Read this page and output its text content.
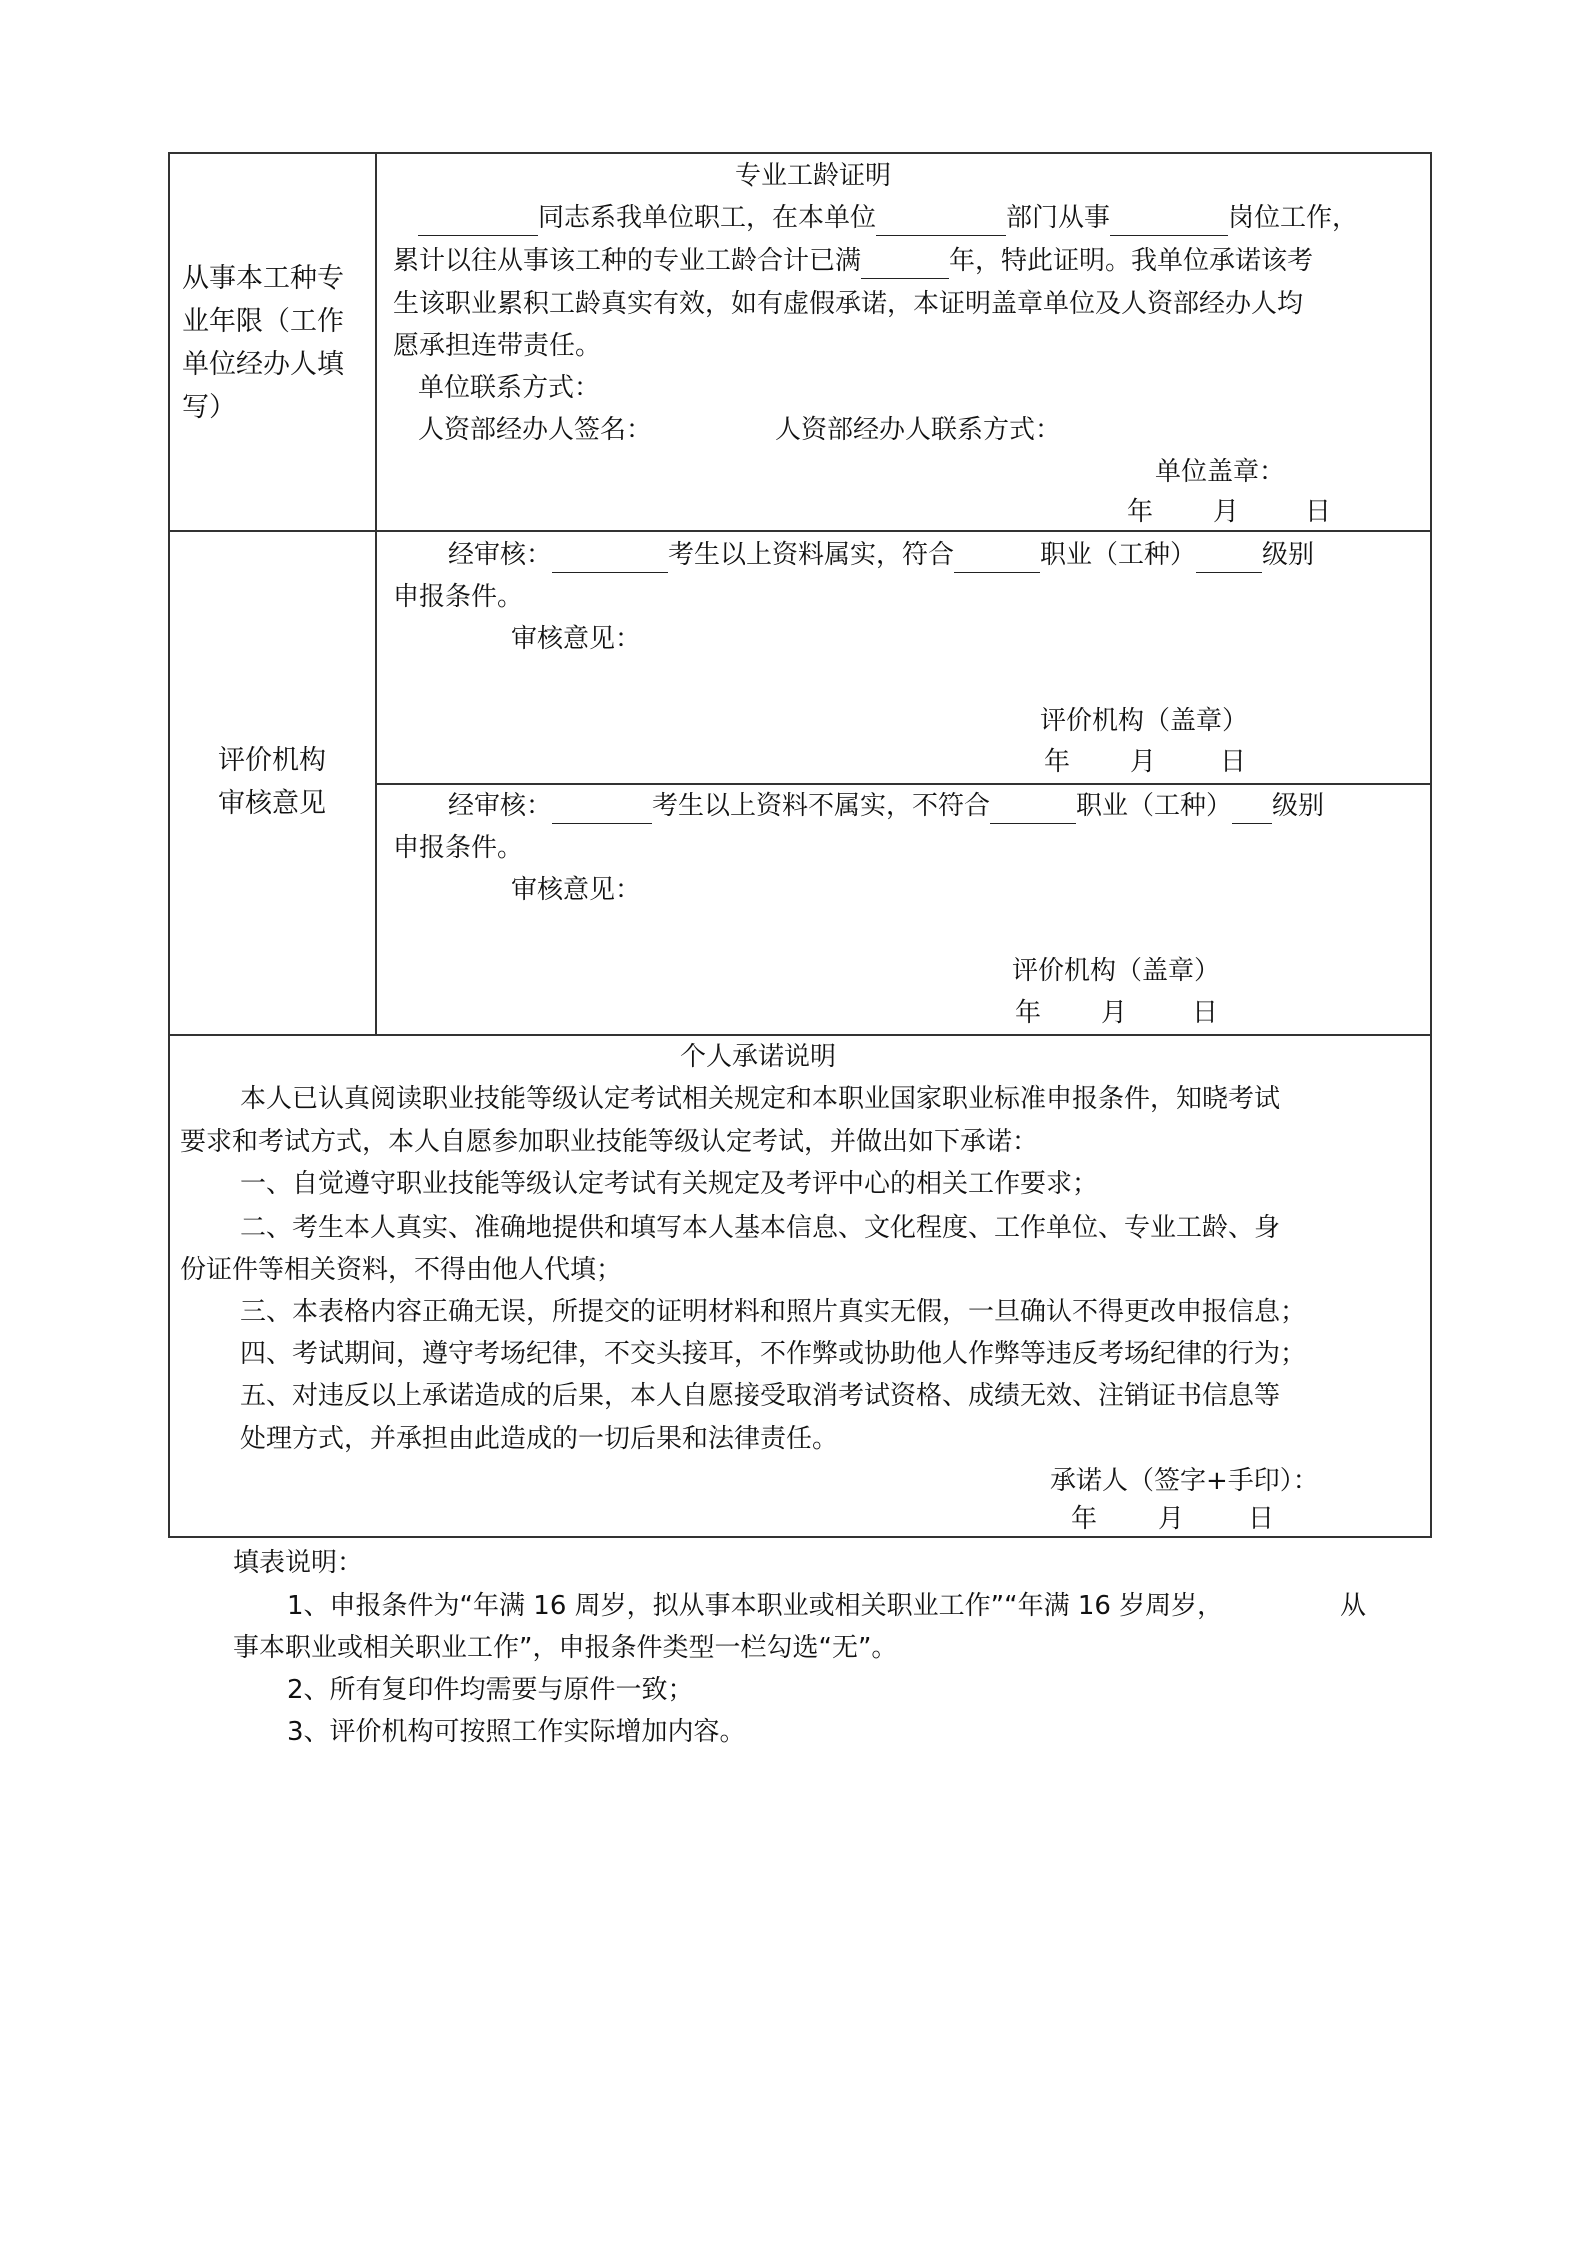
从事本工种专业年限（工作单位经办人填写）
专业工龄证明
同志系我单位职工，在本单位	部门从事	岗位工作，
累计以往从事该工种的专业工龄合计已满	年，特此证明。我单位承诺该考
生该职业累积工龄真实有效，如有虚假承诺，本证明盖章单位及人资部经办人均
愿承担连带责任。
单位联系方式：
人资部经办人签名：	人资部经办人联系方式：
单位盖章：
年 月	日
评价机构
审核意见
经审核：	考生以上资料属实，符合	职业（工种）	级别
申报条件。
审核意见：
评价机构（盖章）
年 月 日
经审核：	考生以上资料不属实，不符合	职业（工种） 级别
申报条件。
审核意见：
评价机构（盖章）
年 月 日
个人承诺说明
本人已认真阅读职业技能等级认定考试相关规定和本职业国家职业标准申报条件，知晓考试
要求和考试方式，本人自愿参加职业技能等级认定考试，并做出如下承诺：
一、自觉遵守职业技能等级认定考试有关规定及考评中心的相关工作要求；
二、考生本人真实、准确地提供和填写本人基本信息、文化程度、工作单位、专业工龄、身
份证件等相关资料，不得由他人代填；
三、本表格内容正确无误，所提交的证明材料和照片真实无假，一旦确认不得更改申报信息；
四、考试期间，遵守考场纪律，不交头接耳，不作弊或协助他人作弊等违反考场纪律的行为；
五、对违反以上承诺造成的后果，本人自愿接受取消考试资格、成绩无效、注销证书信息等
处理方式，并承担由此造成的一切后果和法律责任。
承诺人（签字+手印）：
年 月 日
填表说明：
1、申报条件为“年满 16 周岁，拟从事本职业或相关职业工作”“年满 16 岁周岁，	从
事本职业或相关职业工作”，申报条件类型一栏勾选“无”。
2、所有复印件均需要与原件一致；
3、评价机构可按照工作实际增加内容。
